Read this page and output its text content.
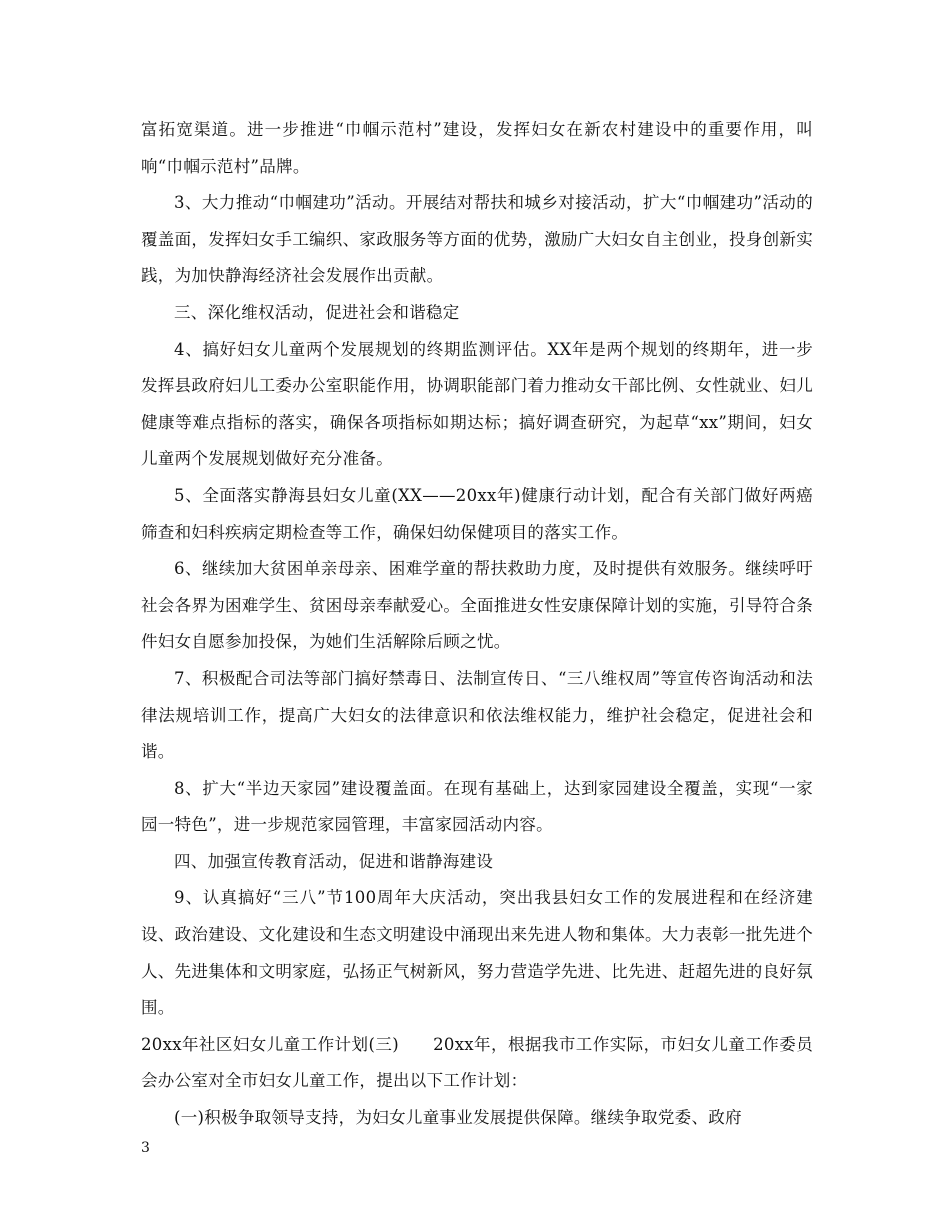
富拓宽渠道。进一步推进“巾帼示范村”建设，发挥妇女在新农村建设中的重要作用，叫响“巾帼示范村”品牌。

3、大力推动“巾帼建功”活动。开展结对帮扶和城乡对接活动，扩大“巾帼建功”活动的覆盖面，发挥妇女手工编织、家政服务等方面的优势，激励广大妇女自主创业，投身创新实践，为加快静海经济社会发展作出贡献。

三、深化维权活动，促进社会和谐稳定

4、搞好妇女儿童两个发展规划的终期监测评估。XX年是两个规划的终期年，进一步发挥县政府妇儿工委办公室职能作用，协调职能部门着力推动女干部比例、女性就业、妇儿健康等难点指标的落实，确保各项指标如期达标；搞好调查研究，为起草“xx”期间，妇女儿童两个发展规划做好充分准备。

5、全面落实静海县妇女儿童(XX——20xx年)健康行动计划，配合有关部门做好两癌筛查和妇科疾病定期检查等工作，确保妇幼保健项目的落实工作。

6、继续加大贫困单亲母亲、困难学童的帮扶救助力度，及时提供有效服务。继续呼吁社会各界为困难学生、贫困母亲奉献爱心。全面推进女性安康保障计划的实施，引导符合条件妇女自愿参加投保，为她们生活解除后顾之忧。

7、积极配合司法等部门搞好禁毒日、法制宣传日、“三八维权周”等宣传咨询活动和法律法规培训工作，提高广大妇女的法律意识和依法维权能力，维护社会稳定，促进社会和谐。

8、扩大“半边天家园”建设覆盖面。在现有基础上，达到家园建设全覆盖，实现“一家园一特色”，进一步规范家园管理，丰富家园活动内容。

四、加强宣传教育活动，促进和谐静海建设

9、认真搞好“三八”节100周年大庆活动，突出我县妇女工作的发展进程和在经济建设、政治建设、文化建设和生态文明建设中涌现出来先进人物和集体。大力表彰一批先进个人、先进集体和文明家庭，弘扬正气树新风，努力营造学先进、比先进、赶超先进的良好氛围。

20xx年社区妇女儿童工作计划(三)　　20xx年，根据我市工作实际，市妇女儿童工作委员会办公室对全市妇女儿童工作，提出以下工作计划：

(一)积极争取领导支持，为妇女儿童事业发展提供保障。继续争取党委、政府

3
